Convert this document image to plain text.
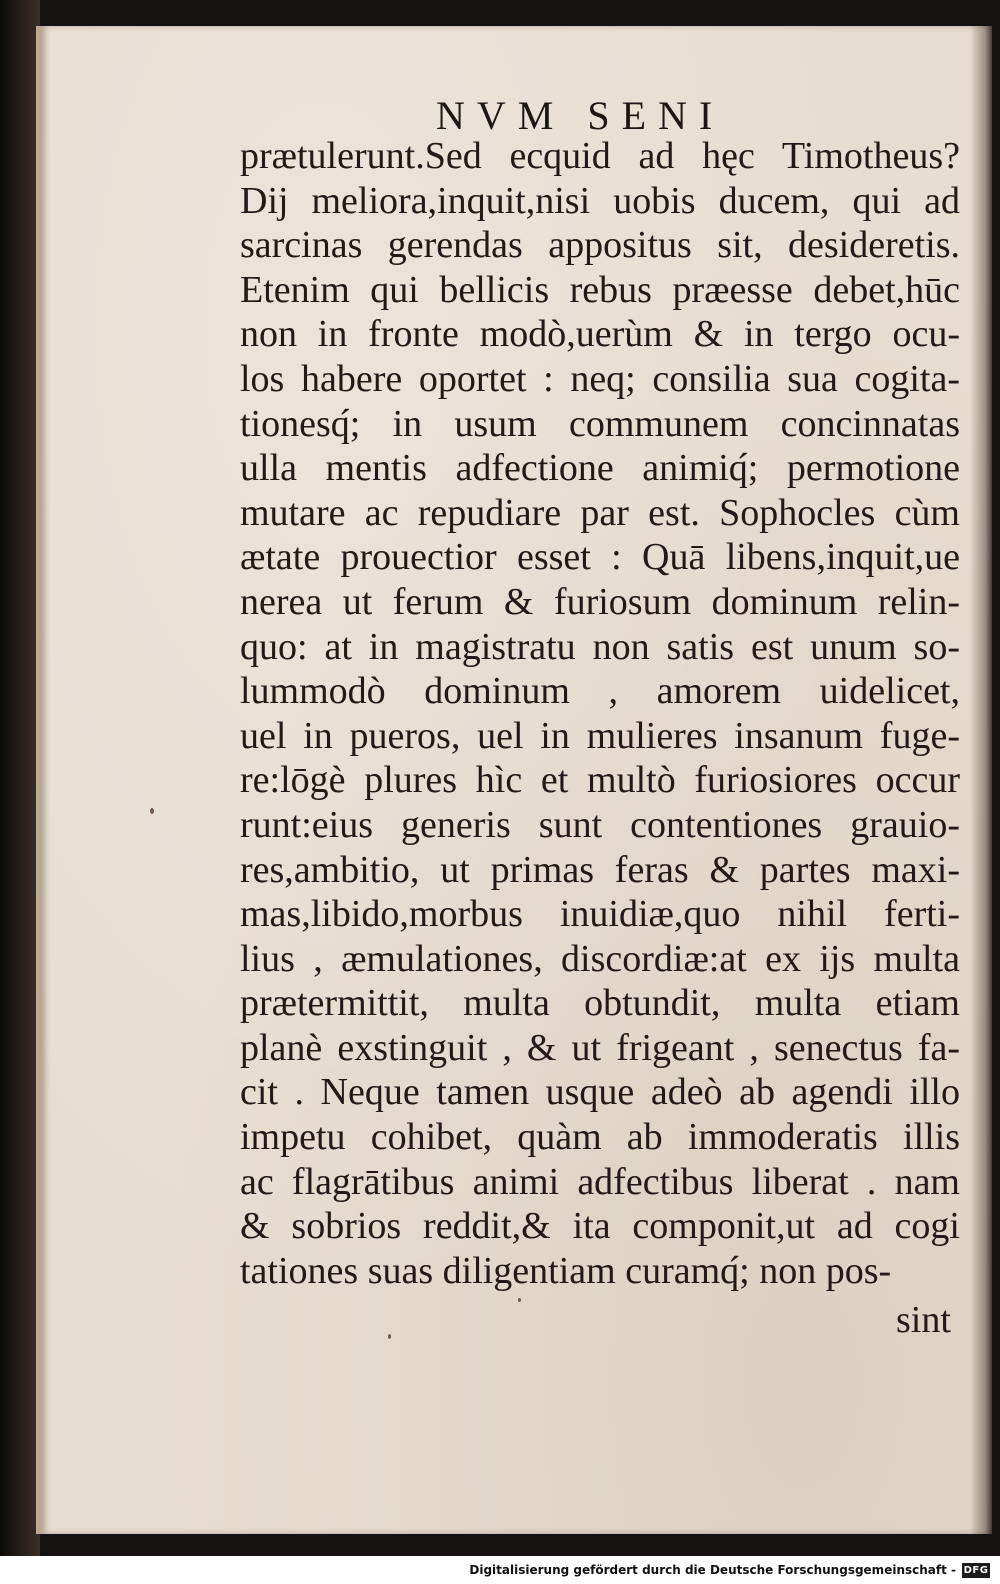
NVM SENI
prætulerunt.Sed ecquid ad hęc Timotheus?
Dĳ meliora,inquit,nisi uobis ducem, qui ad
sarcinas gerendas appositus sit, desideretis.
Etenim qui bellicis rebus præesse debet,hūc
non in fronte modò,uerùm & in tergo ocu-
los habere oportet : neq; consilia sua cogita-
tionesq́; in usum communem concinnatas
ulla mentis adfectione animiq́; permotione
mutare ac repudiare par est. Sophocles cùm
ætate prouectior esset : Quā libens,inquit,ue
nerea ut ferum & furiosum dominum relin-
quo: at in magistratu non satis est unum so-
lummodò dominum , amorem uidelicet,
uel in pueros, uel in mulieres insanum fuge-
re:lōgè plures hìc et multò furiosiores occur
runt:eius generis sunt contentiones grauio-
res,ambitio, ut primas feras & partes maxi-
mas,libido,morbus inuidiæ,quo nihil ferti-
lius , æmulationes, discordiæ:at ex ĳs multa
prætermittit, multa obtundit, multa etiam
planè exstinguit , & ut frigeant , senectus fa-
cit . Neque tamen usque adeò ab agendi illo
impetu cohibet, quàm ab immoderatis illis
ac flagrātibus animi adfectibus liberat . nam
& sobrios reddit,& ita componit,ut ad cogi
tationes suas diligentiam curamq́; non pos-
sint
Digitalisierung gefördert durch die Deutsche Forschungsgemeinschaft - DFG
